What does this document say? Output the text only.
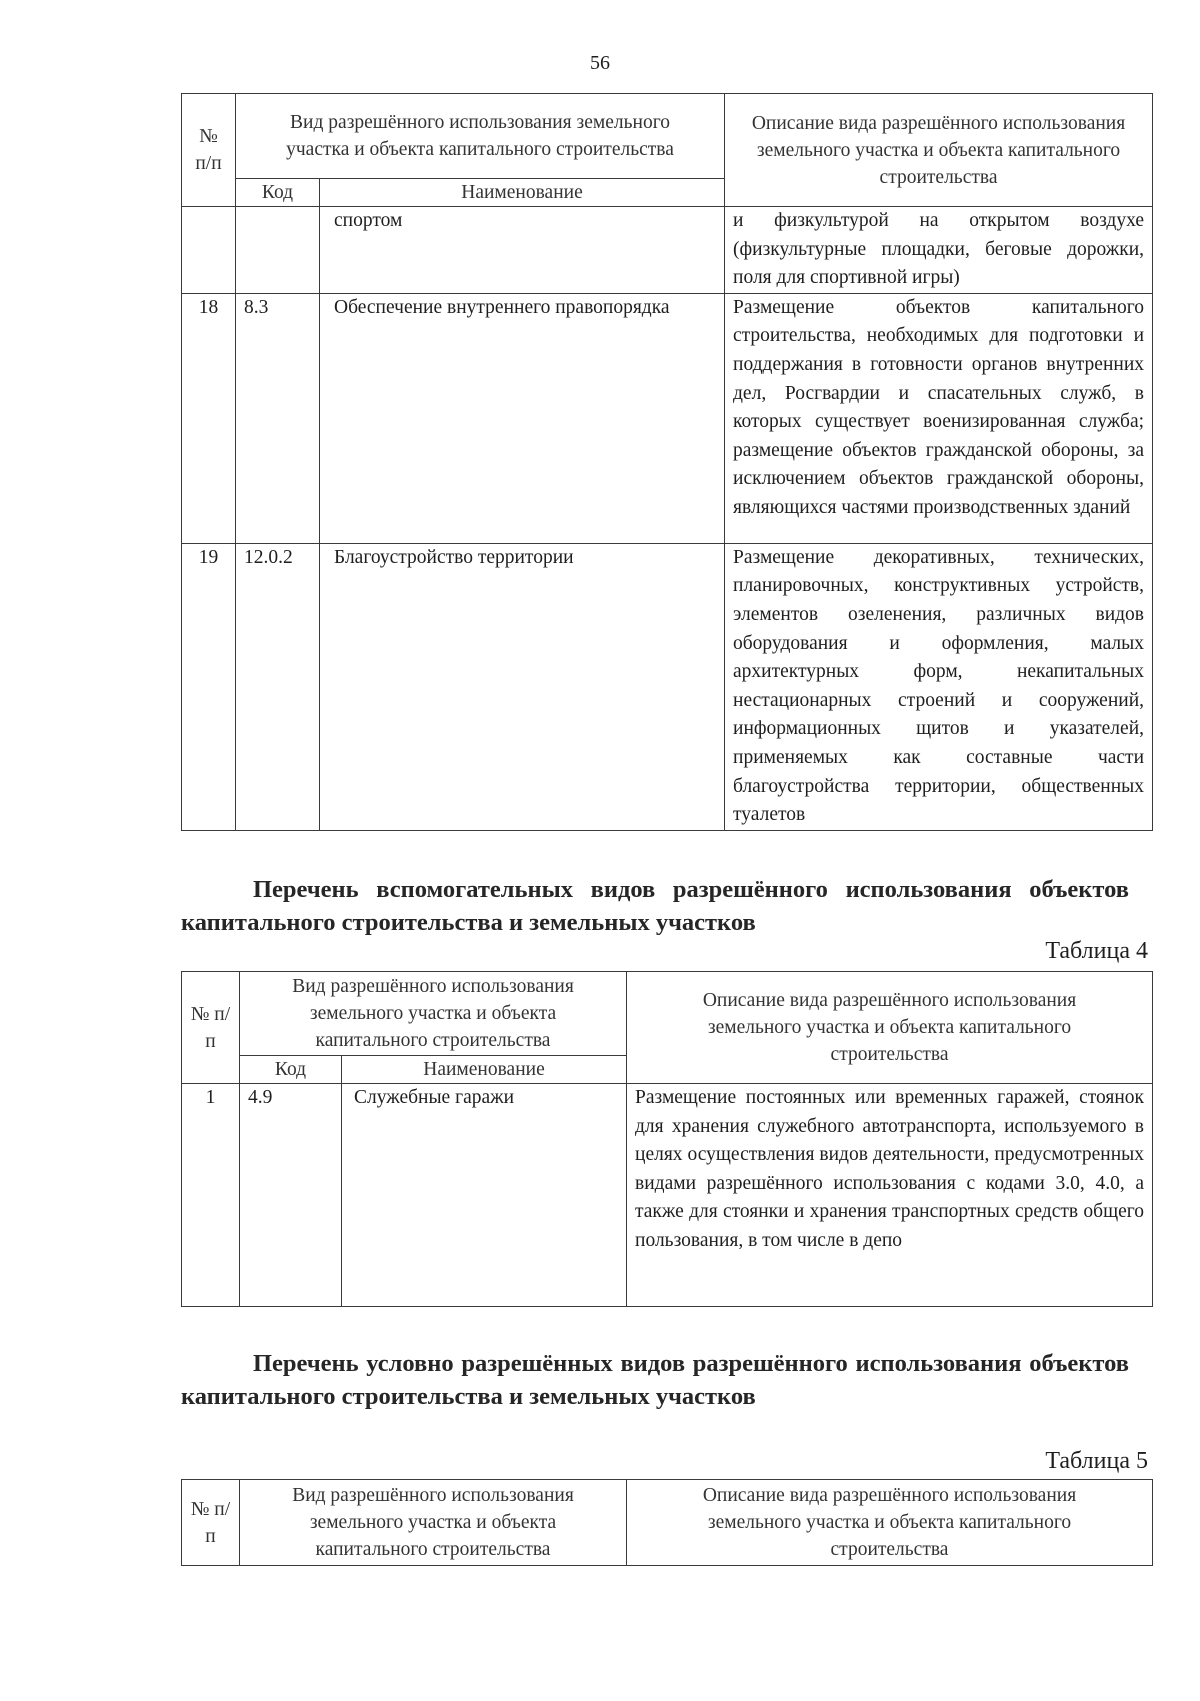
56
№ п/п	Вид разрешённого использования земельного участка и объекта капитального строительства		Описание вида разрешённого использования земельного участка и объекта капитального строительства
	Код	Наименование	
		спортом	и физкультурой на открытом воздухе (физкультурные площадки, беговые дорожки, поля для спортивной игры)
18	8.3	Обеспечение внутреннего правопорядка	Размещение объектов капитального строительства, необходимых для подготовки и поддержания в готовности органов внутренних дел, Росгвардии и спасательных служб, в которых существует военизированная служба; размещение объектов гражданской обороны, за исключением объектов гражданской обороны, являющихся частями производственных зданий
19	12.0.2	Благоустройство территории	Размещение декоративных, технических, планировочных, конструктивных устройств, элементов озеленения, различных видов оборудования и оформления, малых архитектурных форм, некапитальных нестационарных строений и сооружений, информационных щитов и указателей, применяемых как составные части благоустройства территории, общественных туалетов
Перечень вспомогательных видов разрешённого использования объектов капитального строительства и земельных участков
Таблица 4
№ п/п	Вид разрешённого использования земельного участка и объекта капитального строительства		Описание вида разрешённого использования земельного участка и объекта капитального строительства
	Код	Наименование	
1	4.9	Служебные гаражи	Размещение постоянных или временных гаражей, стоянок для хранения служебного автотранспорта, используемого в целях осуществления видов деятельности, предусмотренных видами разрешённого использования с кодами 3.0, 4.0, а также для стоянки и хранения транспортных средств общего пользования, в том числе в депо
Перечень условно разрешённых видов разрешённого использования объектов капитального строительства и земельных участков
Таблица 5
№ п/п	Вид разрешённого использования земельного участка и объекта капитального строительства	Описание вида разрешённого использования земельного участка и объекта капитального строительства
